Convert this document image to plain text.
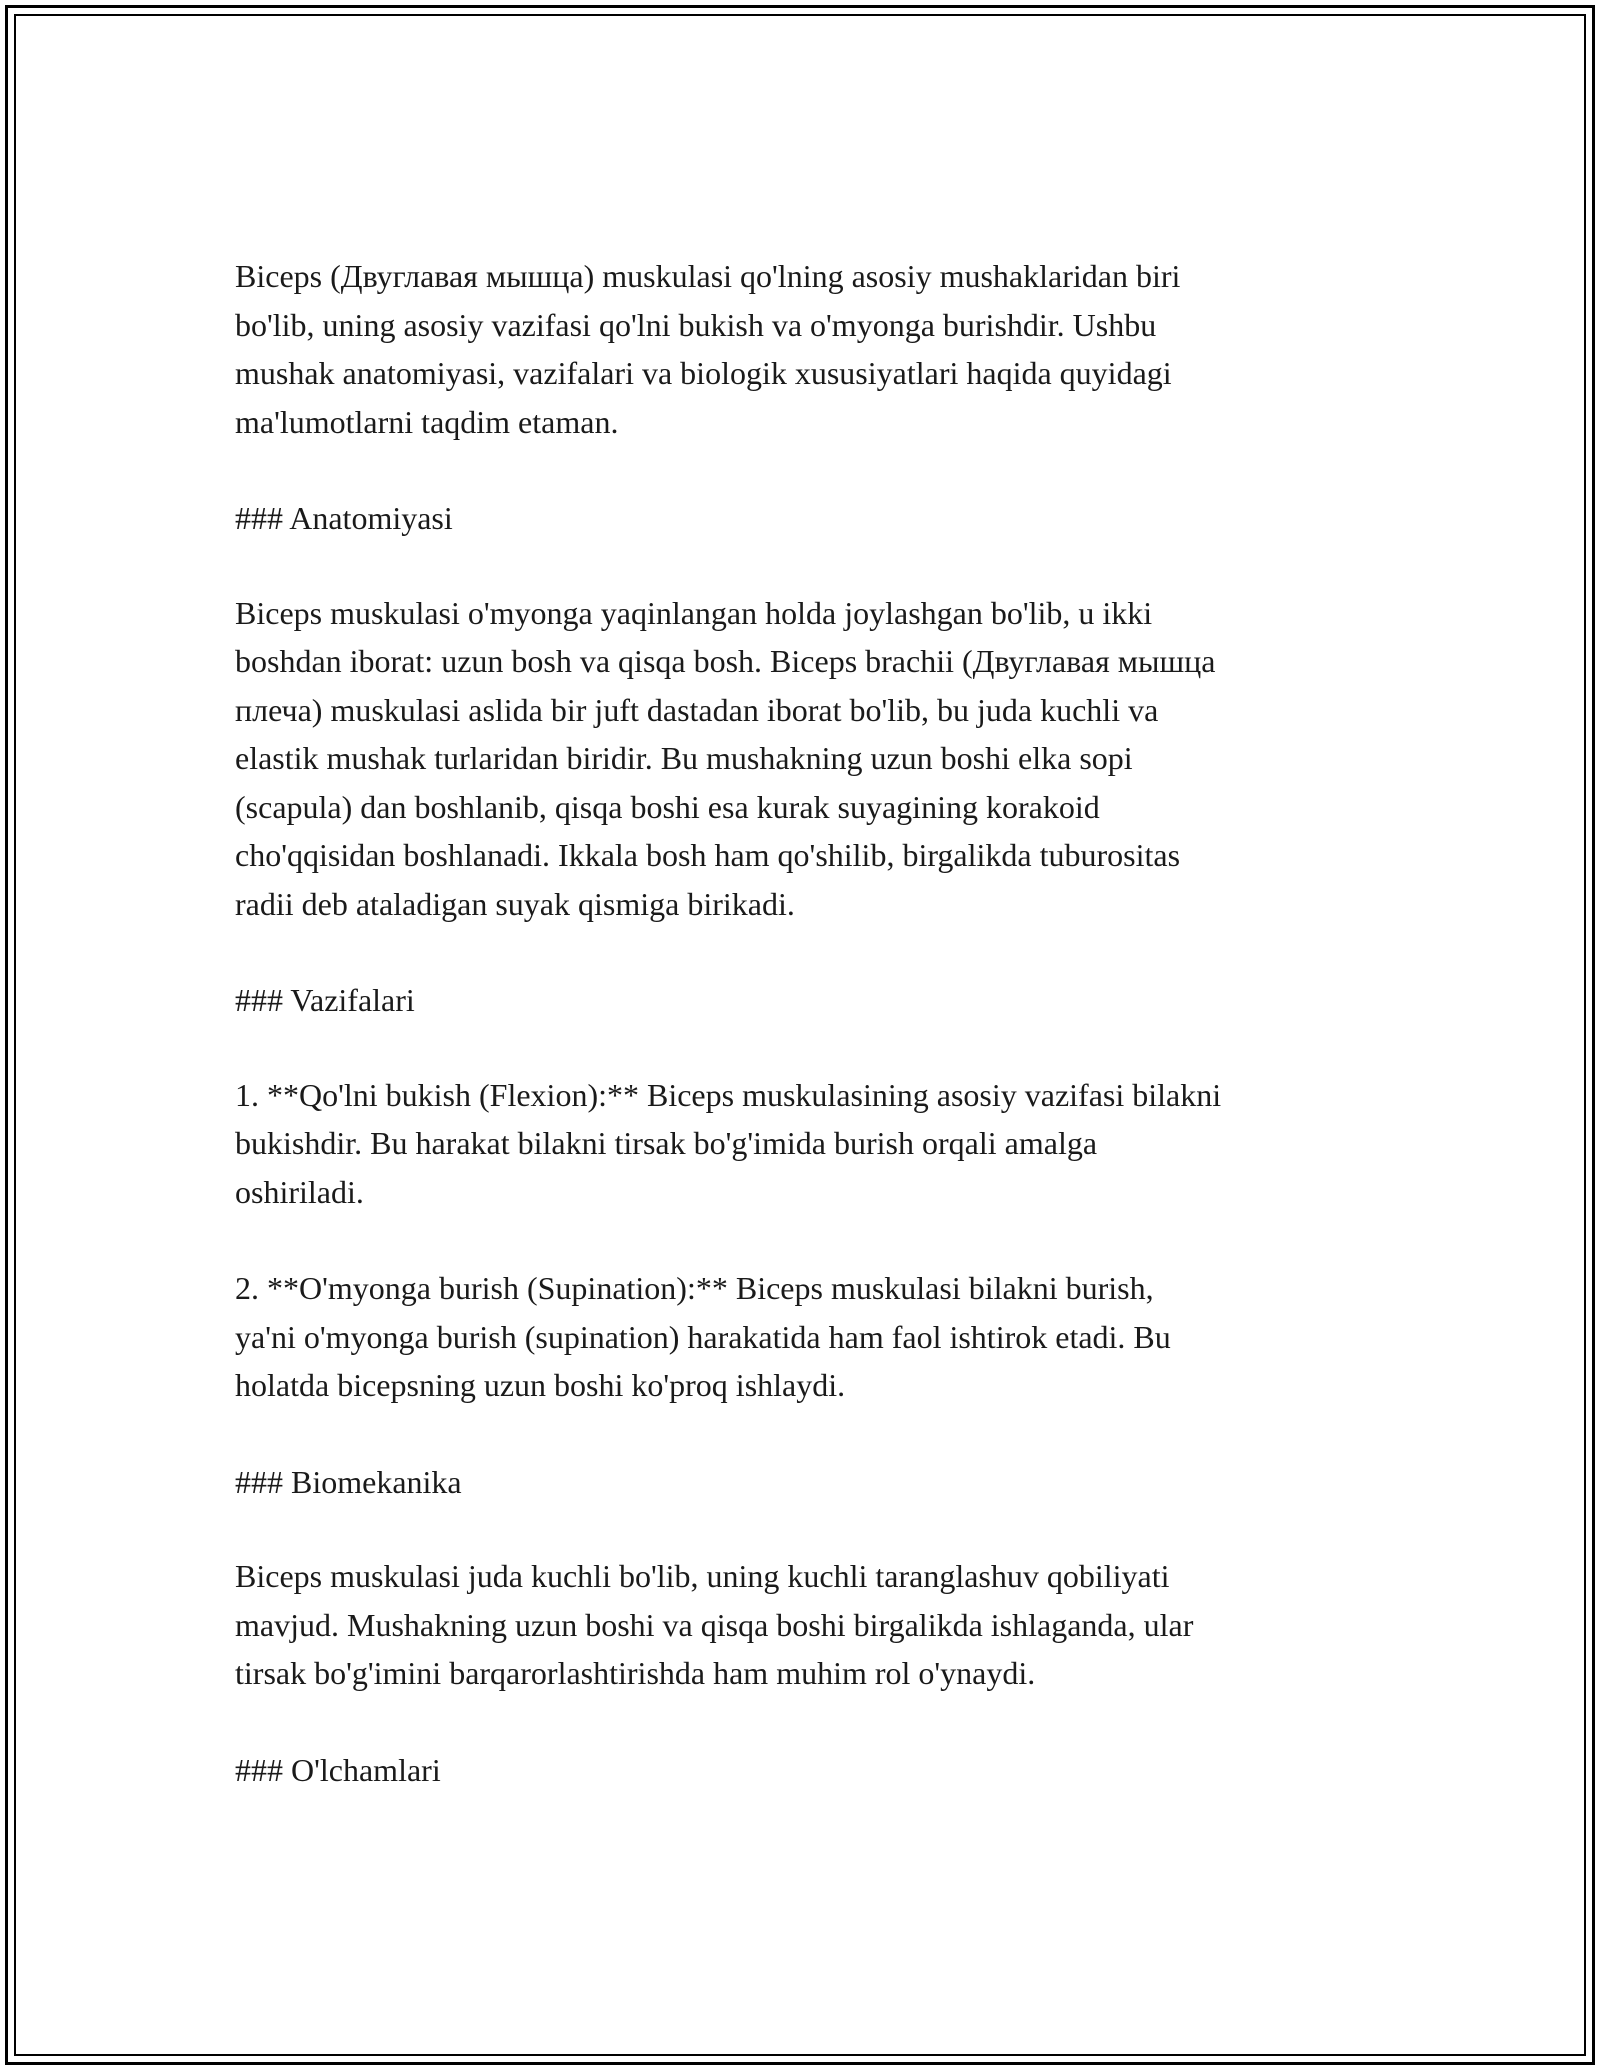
Biceps (Двуглавая мышца) muskulasi qo'lning asosiy mushaklaridan biri
bo'lib, uning asosiy vazifasi qo'lni bukish va o'myonga burishdir. Ushbu
mushak anatomiyasi, vazifalari va biologik xususiyatlari haqida quyidagi
ma'lumotlarni taqdim etaman.

### Anatomiyasi

Biceps muskulasi o'myonga yaqinlangan holda joylashgan bo'lib, u ikki
boshdan iborat: uzun bosh va qisqa bosh. Biceps brachii (Двуглавая мышца
плеча) muskulasi aslida bir juft dastadan iborat bo'lib, bu juda kuchli va
elastik mushak turlaridan biridir. Bu mushakning uzun boshi elka sopi
(scapula) dan boshlanib, qisqa boshi esa kurak suyagining korakoid
cho'qqisidan boshlanadi. Ikkala bosh ham qo'shilib, birgalikda tuburositas
radii deb ataladigan suyak qismiga birikadi.

### Vazifalari

1. **Qo'lni bukish (Flexion):** Biceps muskulasining asosiy vazifasi bilakni
bukishdir. Bu harakat bilakni tirsak bo'g'imida burish orqali amalga
oshiriladi.

2. **O'myonga burish (Supination):** Biceps muskulasi bilakni burish,
ya'ni o'myonga burish (supination) harakatida ham faol ishtirok etadi. Bu
holatda bicepsning uzun boshi ko'proq ishlaydi.

### Biomekanika

Biceps muskulasi juda kuchli bo'lib, uning kuchli taranglashuv qobiliyati
mavjud. Mushakning uzun boshi va qisqa boshi birgalikda ishlaganda, ular
tirsak bo'g'imini barqarorlashtirishda ham muhim rol o'ynaydi.

### O'lchamlari
